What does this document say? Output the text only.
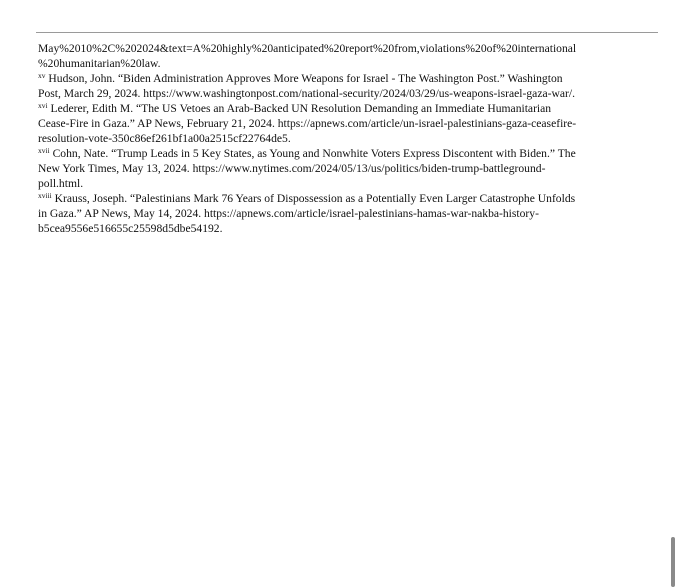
May%2010%2C%202024&text=A%20highly%20anticipated%20report%20from,violations%20of%20international
%20humanitarian%20law.
$^{xv}$ Hudson, John. “Biden Administration Approves More Weapons for Israel - The Washington Post.” Washington
Post, March 29, 2024. https://www.washingtonpost.com/national-security/2024/03/29/us-weapons-israel-gaza-war/.
$^{xvi}$ Lederer, Edith M. “The US Vetoes an Arab-Backed UN Resolution Demanding an Immediate Humanitarian
Cease-Fire in Gaza.” AP News, February 21, 2024. https://apnews.com/article/un-israel-palestinians-gaza-ceasefire-
resolution-vote-350c86ef261bf1a00a2515cf22764de5.
$^{xvii}$ Cohn, Nate. “Trump Leads in 5 Key States, as Young and Nonwhite Voters Express Discontent with Biden.” The
New York Times, May 13, 2024. https://www.nytimes.com/2024/05/13/us/politics/biden-trump-battleground-
poll.html.
$^{xviii}$ Krauss, Joseph. “Palestinians Mark 76 Years of Dispossession as a Potentially Even Larger Catastrophe Unfolds
in Gaza.” AP News, May 14, 2024. https://apnews.com/article/israel-palestinians-hamas-war-nakba-history-
b5cea9556e516655c25598d5dbe54192.
